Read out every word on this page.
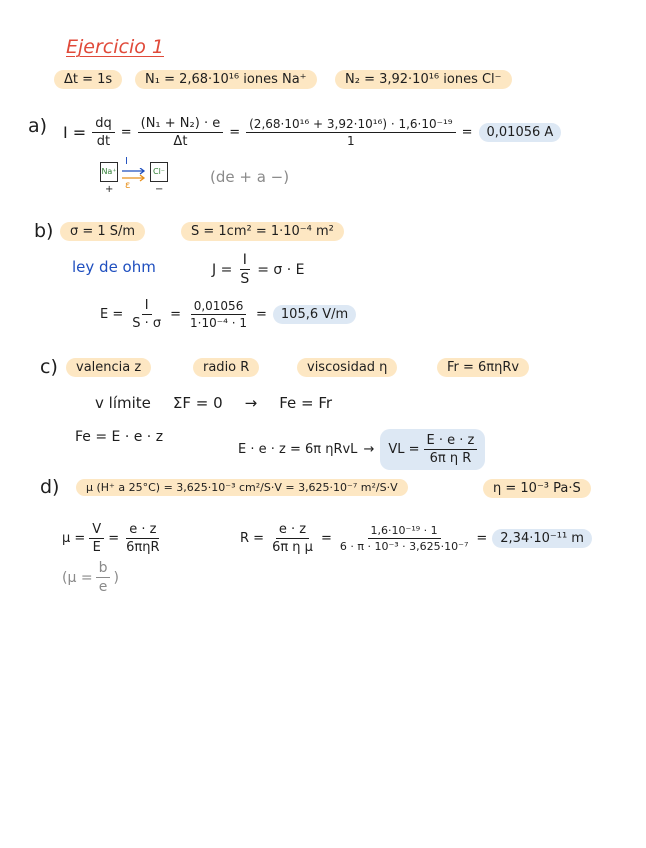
Ejercicio 1
Δt = 1s	N₁ = 2,68·10¹⁶ iones Na⁺	N₂ = 3,92·10¹⁶ iones Cl⁻
a) $I = \frac{dq}{dt} = \frac{\text{(N₁ + N₂) · e}}{\Delta t} = \frac{\text{(2,68·10¹⁶ + 3,92·10¹⁶) · 1,6·10⁻¹⁹}}{1}$ =	0,01056 A
Na⁺
I
ε
Cl⁻
+	−
(de + a −)
b)	σ = 1 S/m	S = 1cm² = 1·10⁻⁴ m²
ley de ohm	$J = \frac{I}{S} = \sigma \cdot E$
$E = \frac{I}{S \cdot \sigma} = \frac{0,01056}{\text{1·10⁻⁴ · 1}}$ =	105,6 V/m
c)	valencia z	radio R	viscosidad η	Fr = 6πηRv
v límite ΣF = 0 → Fe = Fr
Fe = E · e · z
E · e · z = 6π ηRvL → VL = $\frac{E \cdot e \cdot z}{\text{6π η R}}$
d)	μ (H⁺ a 25°C) = 3,625·10⁻³ cm²/S·V = 3,625·10⁻⁷ m²/S·V	η = 10⁻³ Pa·S
$\mu = \frac{V}{E} = \frac{e \cdot z}{\text{6πηR}}$	$R = \frac{e \cdot z}{\text{6π η μ}} = \frac{\text{1,6·10⁻¹⁹ · 1}}{\text{6 · π · 10⁻³ · 3,625·10⁻⁷}}$ =	2,34·10⁻¹¹ m
($\mu = \frac{b}{e}$ )
